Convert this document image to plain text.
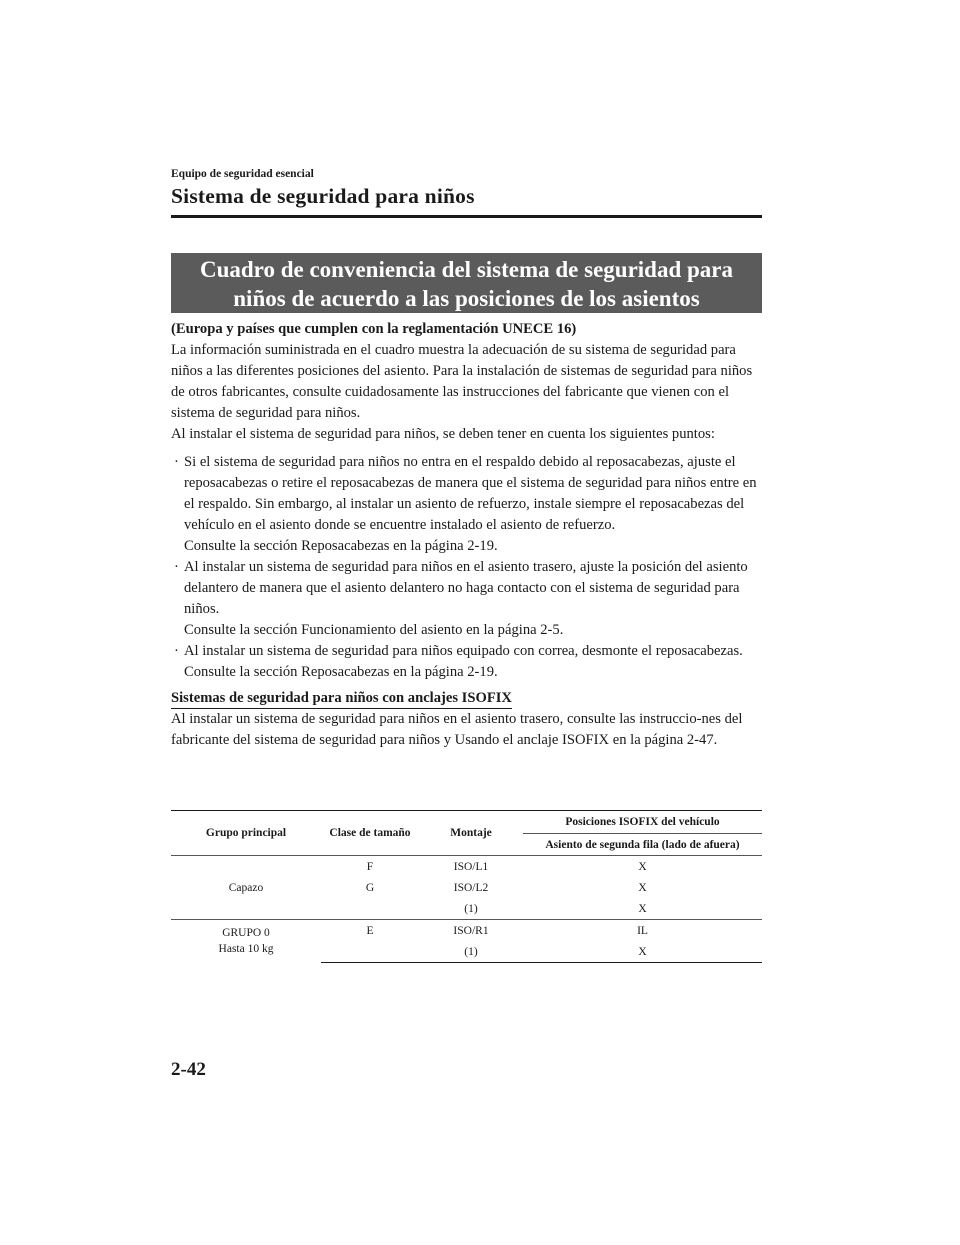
Equipo de seguridad esencial
Sistema de seguridad para niños
Cuadro de conveniencia del sistema de seguridad para
niños de acuerdo a las posiciones de los asientos

(Europa y países que cumplen con la reglamentación UNECE 16)

La información suministrada en el cuadro muestra la adecuación de su sistema de seguridad para niños a las diferentes posiciones del asiento. Para la instalación de sistemas de seguridad para niños de otros fabricantes, consulte cuidadosamente las instrucciones del fabricante que vienen con el sistema de seguridad para niños.

Al instalar el sistema de seguridad para niños, se deben tener en cuenta los siguientes puntos:

· Si el sistema de seguridad para niños no entra en el respaldo debido al reposacabezas, ajuste el reposacabezas o retire el reposacabezas de manera que el sistema de seguridad para niños entre en el respaldo. Sin embargo, al instalar un asiento de refuerzo, instale siempre el reposacabezas del vehículo en el asiento donde se encuentre instalado el asiento de refuerzo.
Consulte la sección Reposacabezas en la página 2-19.
· Al instalar un sistema de seguridad para niños en el asiento trasero, ajuste la posición del asiento delantero de manera que el asiento delantero no haga contacto con el sistema de seguridad para niños.
Consulte la sección Funcionamiento del asiento en la página 2-5.
· Al instalar un sistema de seguridad para niños equipado con correa, desmonte el reposacabezas.
Consulte la sección Reposacabezas en la página 2-19.
Sistemas de seguridad para niños con anclajes ISOFIX

Al instalar un sistema de seguridad para niños en el asiento trasero, consulte las instruccio-nes del fabricante del sistema de seguridad para niños y Usando el anclaje ISOFIX en la página 2-47.

Grupo principal	Clase de tamaño	Montaje	Posiciones ISOFIX del vehículo
			Asiento de segunda fila (lado de afuera)
Capazo	F	ISO/L1	X
	G	ISO/L2	X
		(1)	X

GRUPO 0
Hasta 10 kg	E	ISO/R1	IL
		(1)	X
2-42
